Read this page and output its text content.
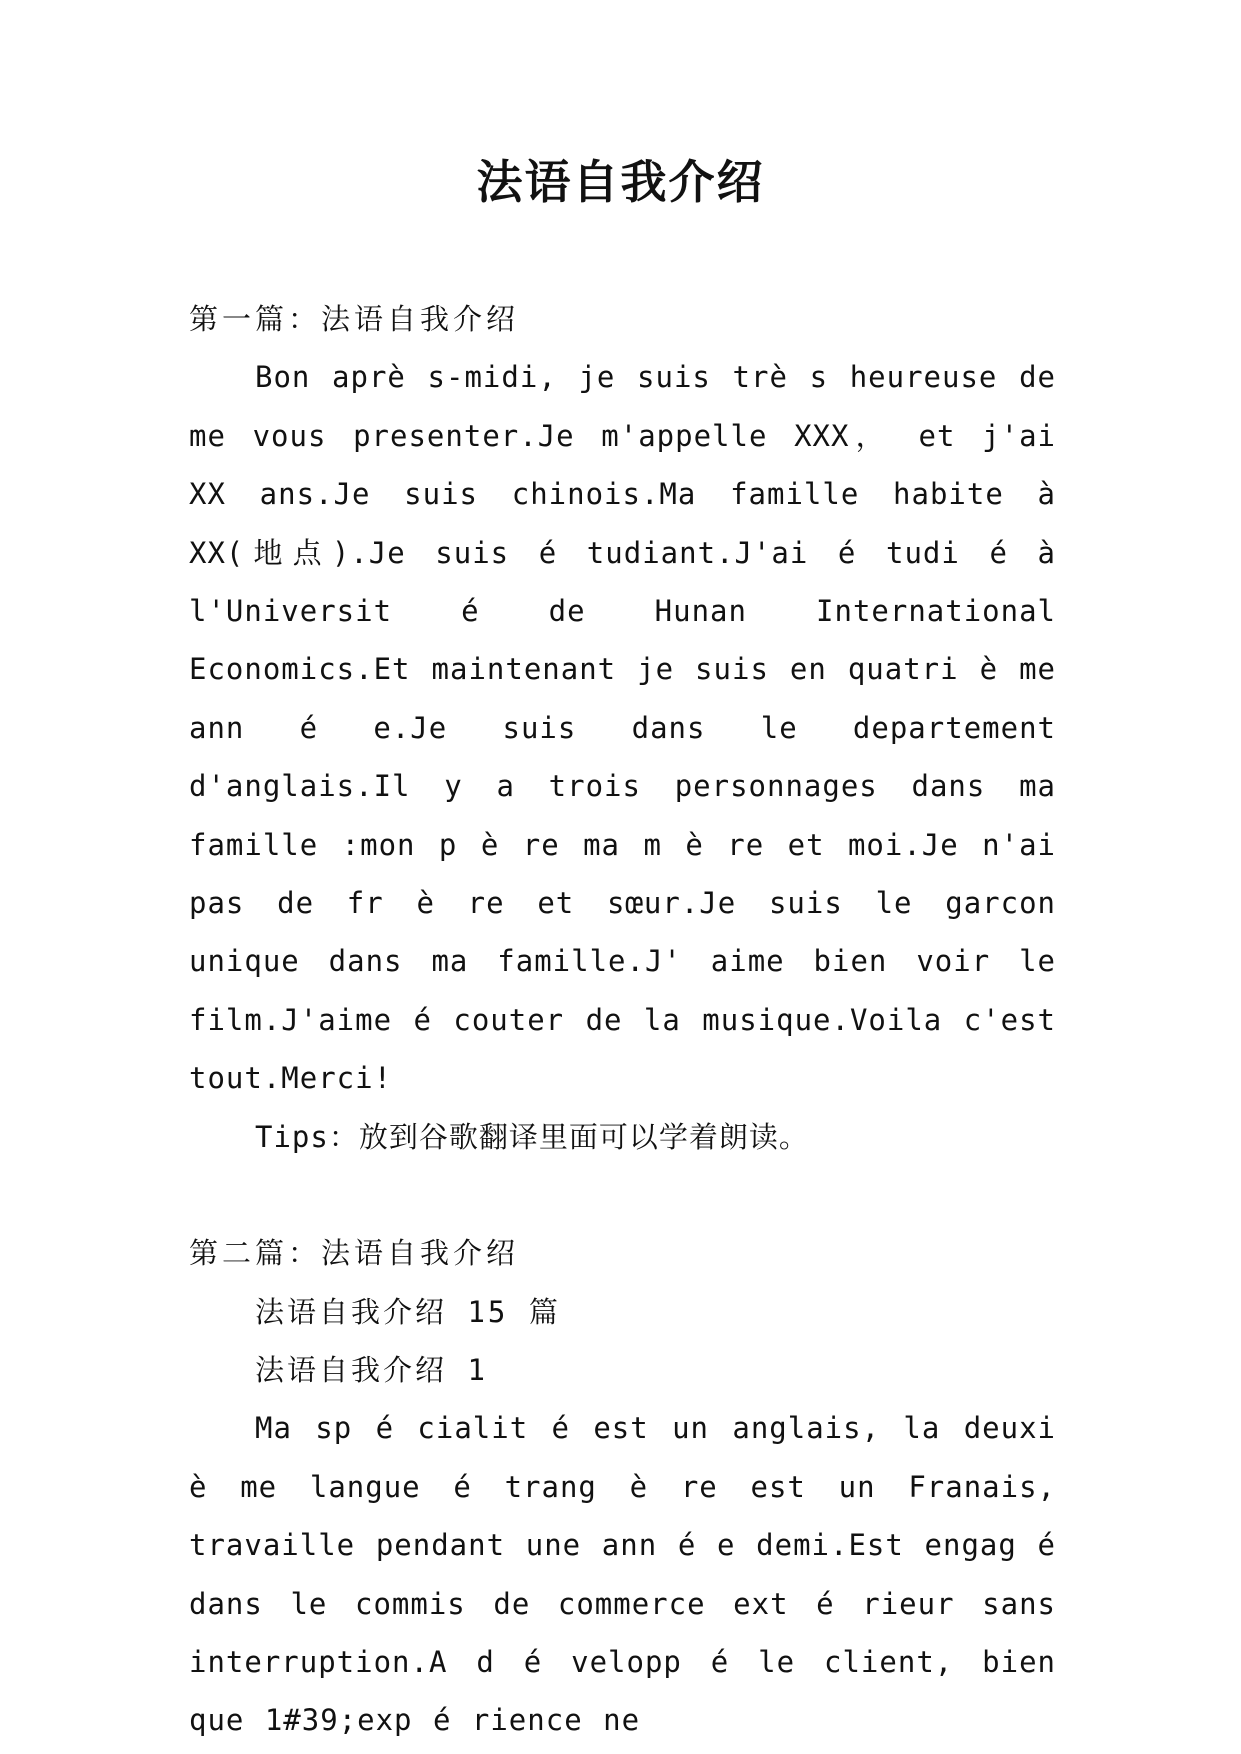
法语自我介绍

第一篇：法语自我介绍

Bon aprè s-midi, je suis trè s heureuse de me vous presenter.Je m'appelle XXX， et j'ai XX ans.Je suis chinois.Ma famille habite à XX(地点).Je suis é tudiant.J'ai é tudi é à l'Universit é de Hunan International Economics.Et maintenant je suis en quatri è me ann é e.Je suis dans le departement d'anglais.Il y a trois personnages dans ma famille :mon p è re ma m è re et moi.Je n'ai pas de fr è re et sœur.Je suis le garcon unique dans ma famille.J' aime bien voir le film.J'aime é couter de la musique.Voila c'est tout.Merci!

Tips：放到谷歌翻译里面可以学着朗读。

第二篇：法语自我介绍

法语自我介绍 15 篇

法语自我介绍 1

Ma sp é cialit é est un anglais, la deuxi è me langue é trang è re est un Franais, travaille pendant une ann é e demi.Est engag é dans le commis de commerce ext é rieur sans interruption.A d é velopp é le client, bien que 1#39;exp é rience ne
